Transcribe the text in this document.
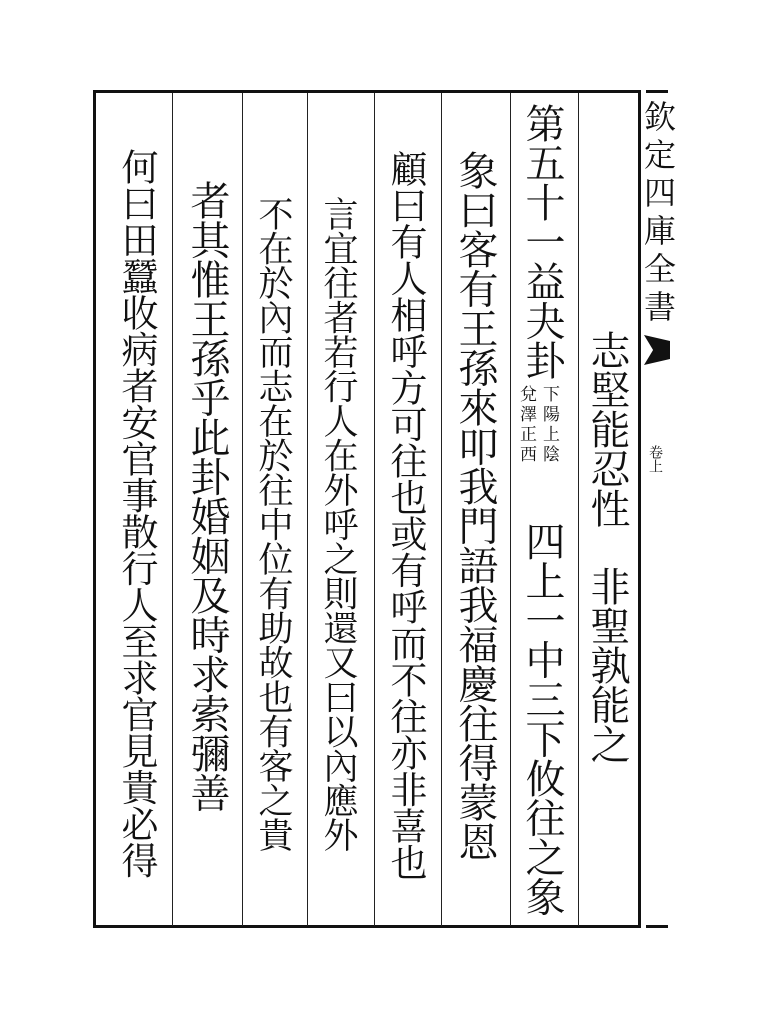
欽定四庫全書
卷上
志堅能忍性
非聖孰能之
第五十一益夬卦
下陽上陰
兌澤正西
四上一中三下攸往之象
象曰客有王孫來叩我門語我福慶往得蒙恩
顧曰有人相呼方可往也或有呼而不往亦非喜也
言宜往者若行人在外呼之則還又曰以內應外
不在於內而志在於往中位有助故也有客之貴
者其惟王孫乎此卦婚姻及時求索彌善
何曰田蠶收病者安官事散行人至求官見貴必得
